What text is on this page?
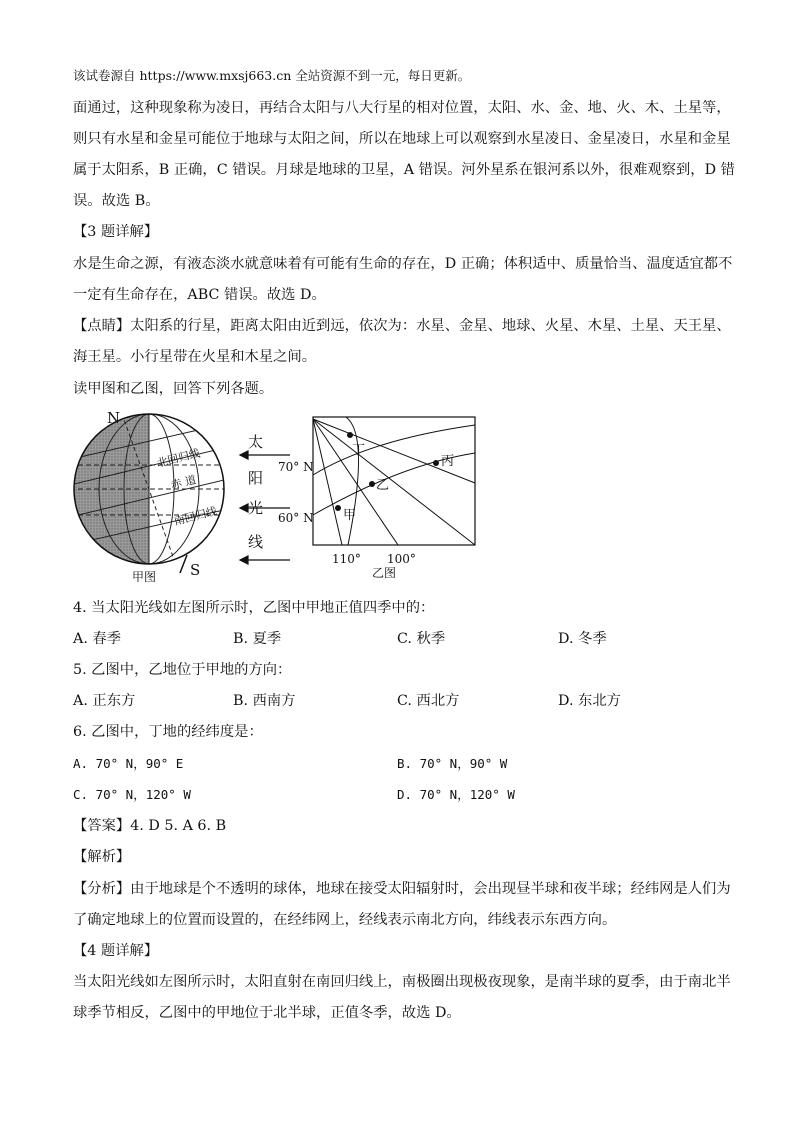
该试卷源自 https://www.mxsj663.cn 全站资源不到一元，每日更新。
面通过，这种现象称为凌日，再结合太阳与八大行星的相对位置，太阳、水、金、地、火、木、土星等，
则只有水星和金星可能位于地球与太阳之间，所以在地球上可以观察到水星凌日、金星凌日，水星和金星
属于太阳系，B 正确，C 错误。月球是地球的卫星，A 错误。河外星系在银河系以外，很难观察到，D 错
误。故选 B。
【3 题详解】
水是生命之源，有液态淡水就意味着有可能有生命的存在，D 正确；体积适中、质量恰当、温度适宜都不
一定有生命存在，ABC 错误。故选 D。
【点睛】太阳系的行星，距离太阳由近到远，依次为：水星、金星、地球、火星、木星、土星、天王星、
海王星。小行星带在火星和木星之间。
读甲图和乙图，回答下列各题。
N
S
北回归线
赤 道
南回归线
甲图
太
阳
光
线
丁
丙
乙
甲
70° N
60° N
110° 100°
乙图
4. 当太阳光线如左图所示时，乙图中甲地正值四季中的：
A. 春季	B. 夏季	C. 秋季	D. 冬季
5. 乙图中，乙地位于甲地的方向：
A. 正东方	B. 西南方	C. 西北方	D. 东北方
6. 乙图中，丁地的经纬度是：
A. 70° N，90° E	B. 70° N，90° W
C. 70° N，120° W	D. 70° N，120° W
【答案】4. D 5. A 6. B
【解析】
【分析】由于地球是个不透明的球体，地球在接受太阳辐射时，会出现昼半球和夜半球；经纬网是人们为
了确定地球上的位置而设置的，在经纬网上，经线表示南北方向，纬线表示东西方向。
【4 题详解】
当太阳光线如左图所示时，太阳直射在南回归线上，南极圈出现极夜现象，是南半球的夏季，由于南北半
球季节相反，乙图中的甲地位于北半球，正值冬季，故选 D。
